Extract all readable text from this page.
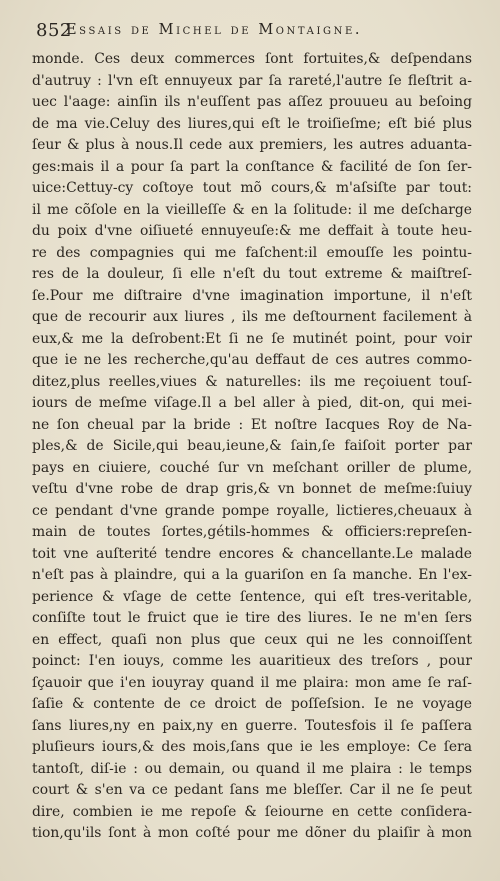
852
Essais de Michel de Montaigne.
monde. Ces deux commerces ſont fortuites,& deſpendans
d'autruy : l'vn eſt ennuyeux par ſa rareté,l'autre ſe fleſtrit a-
uec l'aage: ainſin ils n'euſſent pas aſſez prouueu au beſoing
de ma vie.Celuy des liures,qui eſt le troiſieſme; eſt bié plus
ſeur & plus à nous.Il cede aux premiers, les autres aduanta-
ges:mais il a pour ſa part la conſtance & facilité de ſon ſer-
uice:Cettuy-cy coſtoye tout mõ cours,& m'aſsiſte par tout:
il me cõſole en la vieilleſſe & en la ſolitude: il me deſcharge
du poix d'vne oiſiueté ennuyeuſe:& me deffait à toute heu-
re des compagnies qui me faſchent:il emouſſe les pointu-
res de la douleur, ſi elle n'eſt du tout extreme & maiſtreſ-
ſe.Pour me diſtraire d'vne imagination importune, il n'eſt
que de recourir aux liures , ils me deſtournent facilement à
eux,& me la deſrobent:Et ſi ne ſe mutinét point, pour voir
que ie ne les recherche,qu'au deffaut de ces autres commo-
ditez,plus reelles,viues & naturelles: ils me reçoiuent touſ-
iours de meſme viſage.Il a bel aller à pied, dit-on, qui mei-
ne ſon cheual par la bride : Et noſtre Iacques Roy de Na-
ples,& de Sicile,qui beau,ieune,& ſain,ſe faiſoit porter par
pays en ciuiere, couché ſur vn meſchant oriller de plume,
veſtu d'vne robe de drap gris,& vn bonnet de meſme:ſuiuy
ce pendant d'vne grande pompe royalle, lictieres,cheuaux à
main de toutes ſortes,géti‌ls-hommes & officiers:repreſen-
toit vne auſterité tendre encores & chancellante.Le malade
n'eſt pas à plaindre, qui a la guariſon en ſa manche. En l'ex-
perience & vſage de cette ſentence, qui eſt tres-veritable,
conſiſte tout le fruict que ie tire des liures. Ie ne m'en ſers
en effect, quaſi non plus que ceux qui ne les connoiſſent
poinct: I'en iouys, comme les auaritieux des treſors , pour
ſçauoir que i'en iouyray quand il me plaira: mon ame ſe raſ-
ſaſie & contente de ce droict de poſſeſsion. Ie ne voyage
ſans liures,ny en paix,ny en guerre. Toutesfois il ſe paſſera
pluſieurs iours,& des mois,ſans que ie les employe: Ce ſera
tantoſt, diſ-ie : ou demain, ou quand il me plaira : le temps
court & s'en va ce pedant ſans me bleſſer. Car il ne ſe peut
dire, combien ie me repoſe & ſeiourne en cette conſidera-
tion,qu'ils ſont à mon coſté pour me dõner du plaiſir à mon
